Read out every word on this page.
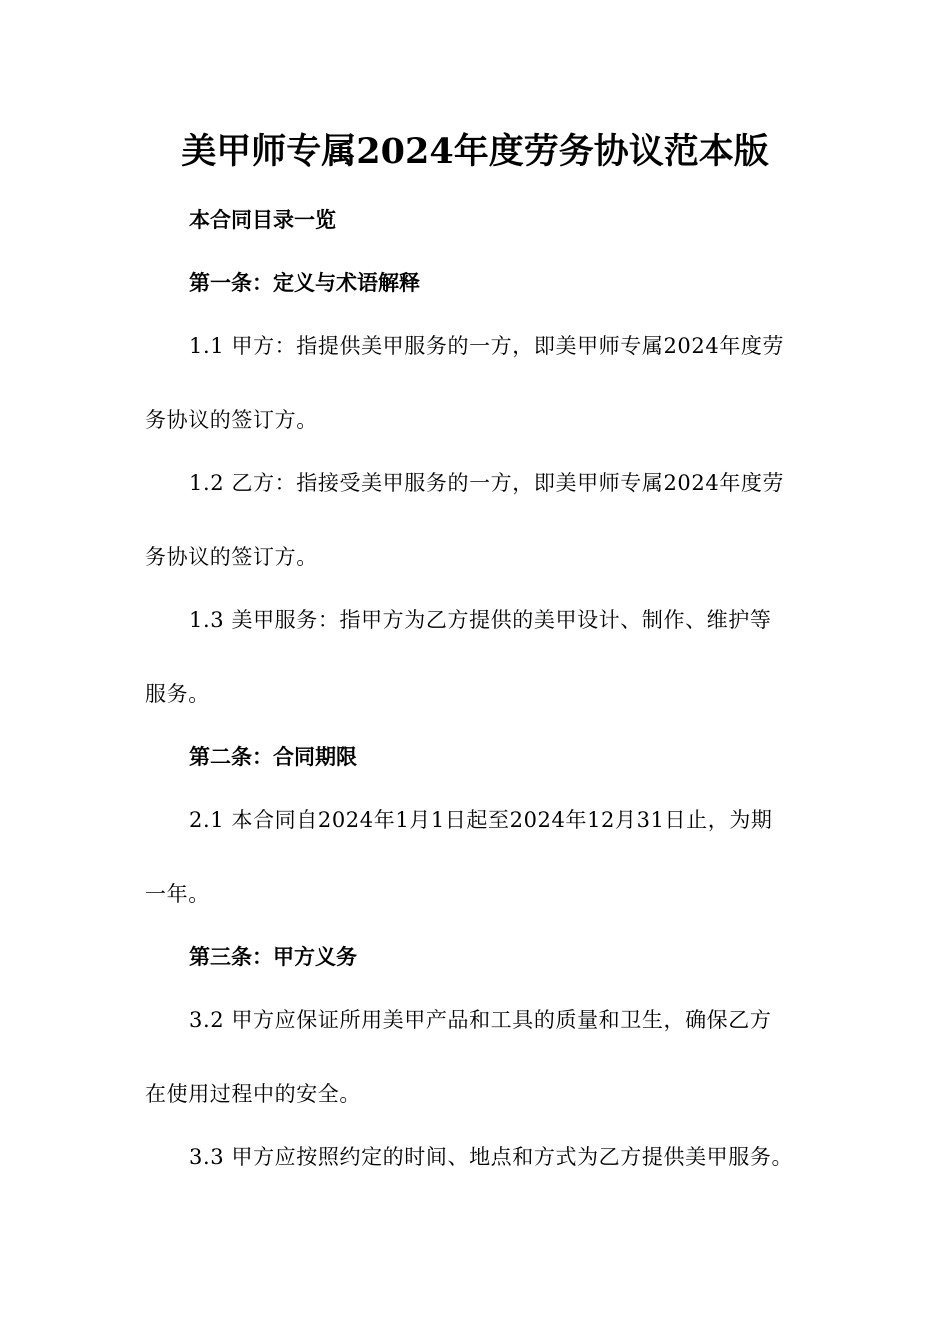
美甲师专属2024年度劳务协议范本版
本合同目录一览
第一条：定义与术语解释
1.1 甲方：指提供美甲服务的一方，即美甲师专属2024年度劳
务协议的签订方。
1.2 乙方：指接受美甲服务的一方，即美甲师专属2024年度劳
务协议的签订方。
1.3 美甲服务：指甲方为乙方提供的美甲设计、制作、维护等
服务。
第二条：合同期限
2.1 本合同自2024年1月1日起至2024年12月31日止，为期
一年。
第三条：甲方义务
3.2 甲方应保证所用美甲产品和工具的质量和卫生，确保乙方
在使用过程中的安全。
3.3 甲方应按照约定的时间、地点和方式为乙方提供美甲服务。
